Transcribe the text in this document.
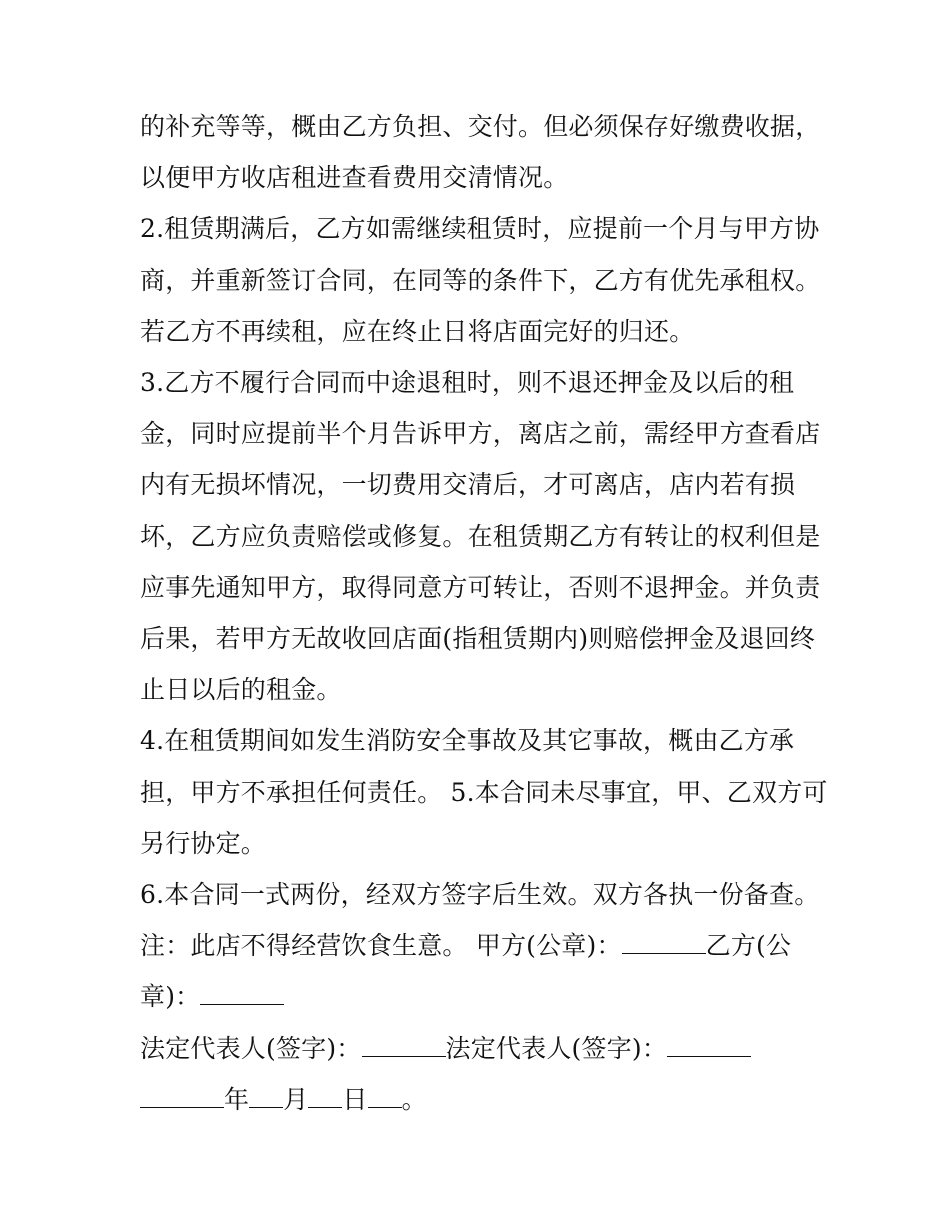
的补充等等，概由乙方负担、交付。但必须保存好缴费收据，
以便甲方收店租进查看费用交清情况。
2.租赁期满后，乙方如需继续租赁时，应提前一个月与甲方协
商，并重新签订合同，在同等的条件下，乙方有优先承租权。
若乙方不再续租，应在终止日将店面完好的归还。
3.乙方不履行合同而中途退租时，则不退还押金及以后的租
金，同时应提前半个月告诉甲方，离店之前，需经甲方查看店
内有无损坏情况，一切费用交清后，才可离店，店内若有损
坏，乙方应负责赔偿或修复。在租赁期乙方有转让的权利但是
应事先通知甲方，取得同意方可转让，否则不退押金。并负责
后果，若甲方无故收回店面(指租赁期内)则赔偿押金及退回终
止日以后的租金。
4.在租赁期间如发生消防安全事故及其它事故，概由乙方承
担，甲方不承担任何责任。 5.本合同未尽事宜，甲、乙双方可
另行协定。
6.本合同一式两份，经双方签字后生效。双方各执一份备查。
注：此店不得经营饮食生意。 甲方(公章)：	乙方(公
章)：
法定代表人(签字)：	法定代表人(签字)：
年 月 日 。
